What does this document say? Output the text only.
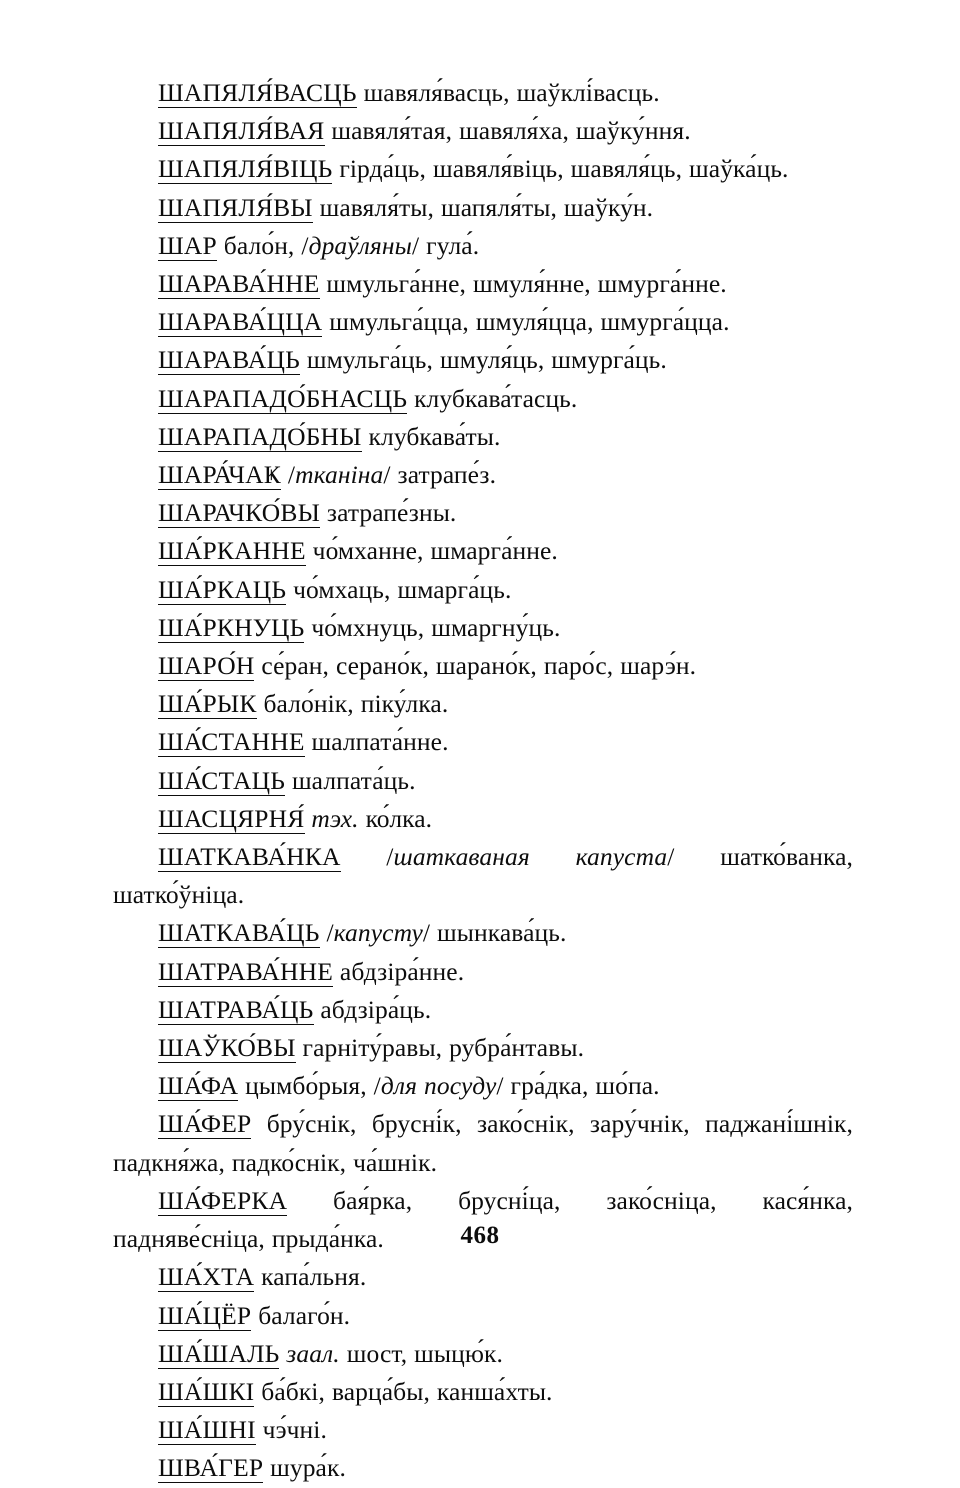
ШАПЯЛЯ́ВАСЦЬ шавяля́васць, шаўклі́васць.

ШАПЯЛЯ́ВАЯ шавяля́тая, шавяля́ха, шаўку́ння.

ШАПЯЛЯ́ВІЦЬ гірда́ць, шавяля́віць, шавяля́ць, шаўка́ць.

ШАПЯЛЯ́ВЫ шавяля́ты, шапяля́ты, шаўку́н.

ШАР бало́н, /драўляны/ гула́.

ШАРАВА́ННЕ шмульга́нне, шмуля́нне, шмурга́нне.

ШАРАВА́ЦЦА шмульга́цца, шмуля́цца, шмурга́цца.

ШАРАВА́ЦЬ шмульга́ць, шмуля́ць, шмурга́ць.

ШАРАПАДО́БНАСЦЬ клубкава́тасць.

ШАРАПАДО́БНЫ клубкава́ты.

ШАРА́ЧАҜ /тканіна/ затрапе́з.

ШАРАЧКО́ВЫ затрапе́зны.

ША́РКАННЕ чо́мханне, шмарга́нне.

ША́РКАЦЬ чо́мхаць, шмарга́ць.

ША́РКНУЦЬ чо́мхнуць, шмаргну́ць.

ШАРО́Н се́ран, серано́к, шарано́к, паро́с, шарэ́н.

ША́РЫК бало́нік, піку́лка.

ША́СТАННЕ шалпата́нне.

ША́СТАЦЬ шалпата́ць.

ШАСЦЯРНЯ́ тэх. ко́лка.

ШАТКАВА́НКА /шаткаваная капуста/ шатко́ванка, шатко́ўніца.

ШАТКАВА́ЦЬ /капусту/ шынкава́ць.

ШАТРАВА́ННЕ абдзіра́нне.

ШАТРАВА́ЦЬ абдзіра́ць.

ШАЎКО́ВЫ гарніту́равы, рубра́нтавы.

ША́ФА цымбо́рыя, /для посуду/ гра́дка, шо́па.

ША́ФЕР бру́снік, брусні́к, зако́снік, зару́чнік, паджані́шнік, падкня́жа, падко́снік, ча́шнік.

ША́ФЕРКА бая́рка, брусні́ца, зако́сніца, кася́нка, падняве́сніца, прыда́нка.

ША́ХТА капа́льня.

ША́ЦЁР балаго́н.

ША́ШАЛЬ заал. шост, шыцю́к.

ША́ШКІ ба́бкі, варца́бы, канша́хты.

ША́ШНІ чэ́чні.

ШВА́ГЕР шура́к.

468
